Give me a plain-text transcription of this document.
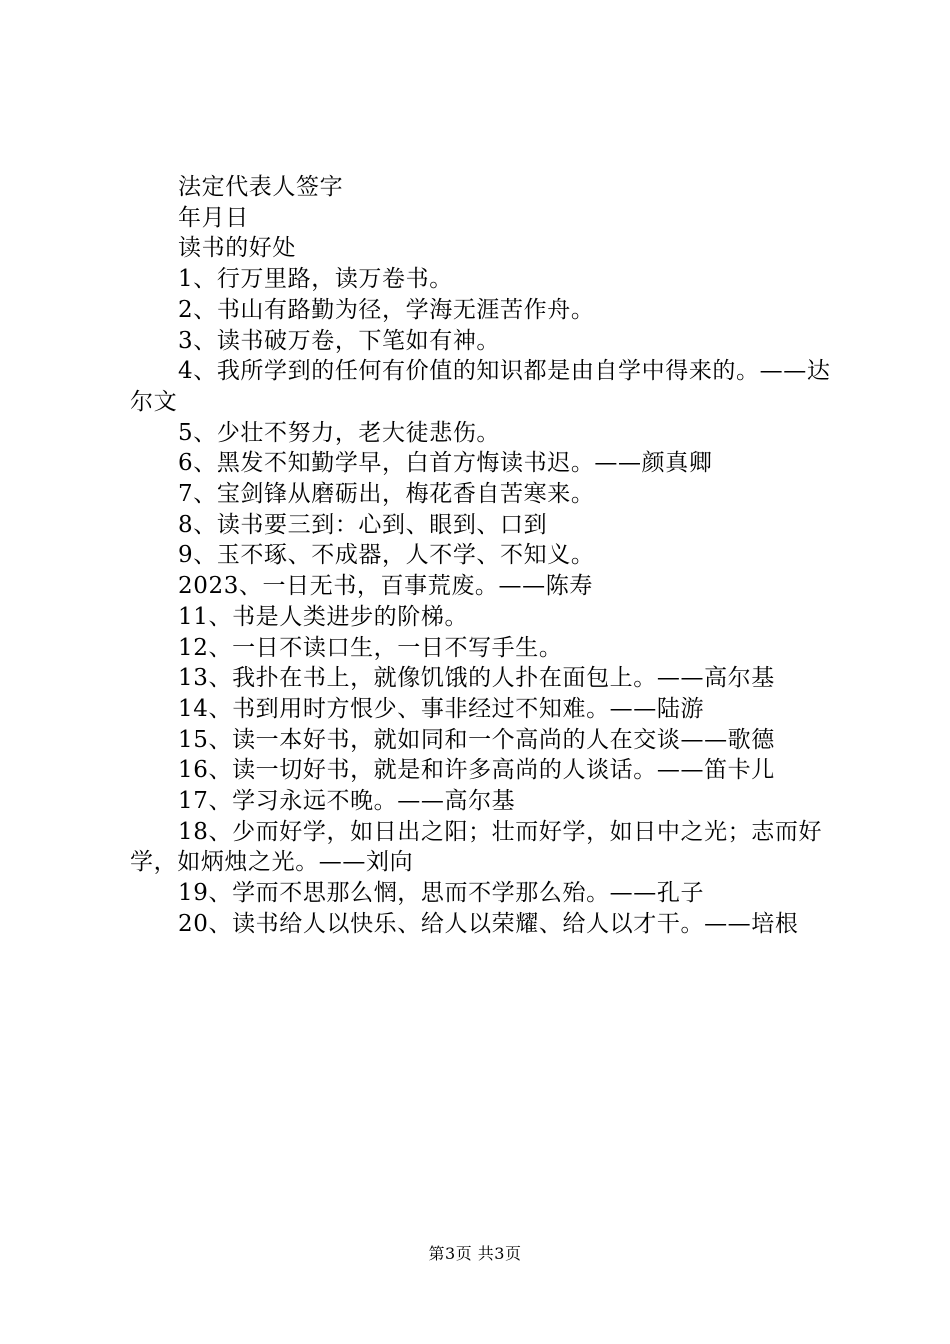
法定代表人签字
年月日
读书的好处
1、行万里路，读万卷书。
2、书山有路勤为径，学海无涯苦作舟。
3、读书破万卷，下笔如有神。
4、我所学到的任何有价值的知识都是由自学中得来的。——达尔文
5、少壮不努力，老大徒悲伤。
6、黑发不知勤学早，白首方悔读书迟。——颜真卿
7、宝剑锋从磨砺出，梅花香自苦寒来。
8、读书要三到：心到、眼到、口到
9、玉不琢、不成器，人不学、不知义。
2023、一日无书，百事荒废。——陈寿
11、书是人类进步的阶梯。
12、一日不读口生，一日不写手生。
13、我扑在书上，就像饥饿的人扑在面包上。——高尔基
14、书到用时方恨少、事非经过不知难。——陆游
15、读一本好书，就如同和一个高尚的人在交谈——歌德
16、读一切好书，就是和许多高尚的人谈话。——笛卡儿
17、学习永远不晚。——高尔基
18、少而好学，如日出之阳；壮而好学，如日中之光；志而好学，如炳烛之光。——刘向
19、学而不思那么惘，思而不学那么殆。——孔子
20、读书给人以快乐、给人以荣耀、给人以才干。——培根
第3页 共3页
